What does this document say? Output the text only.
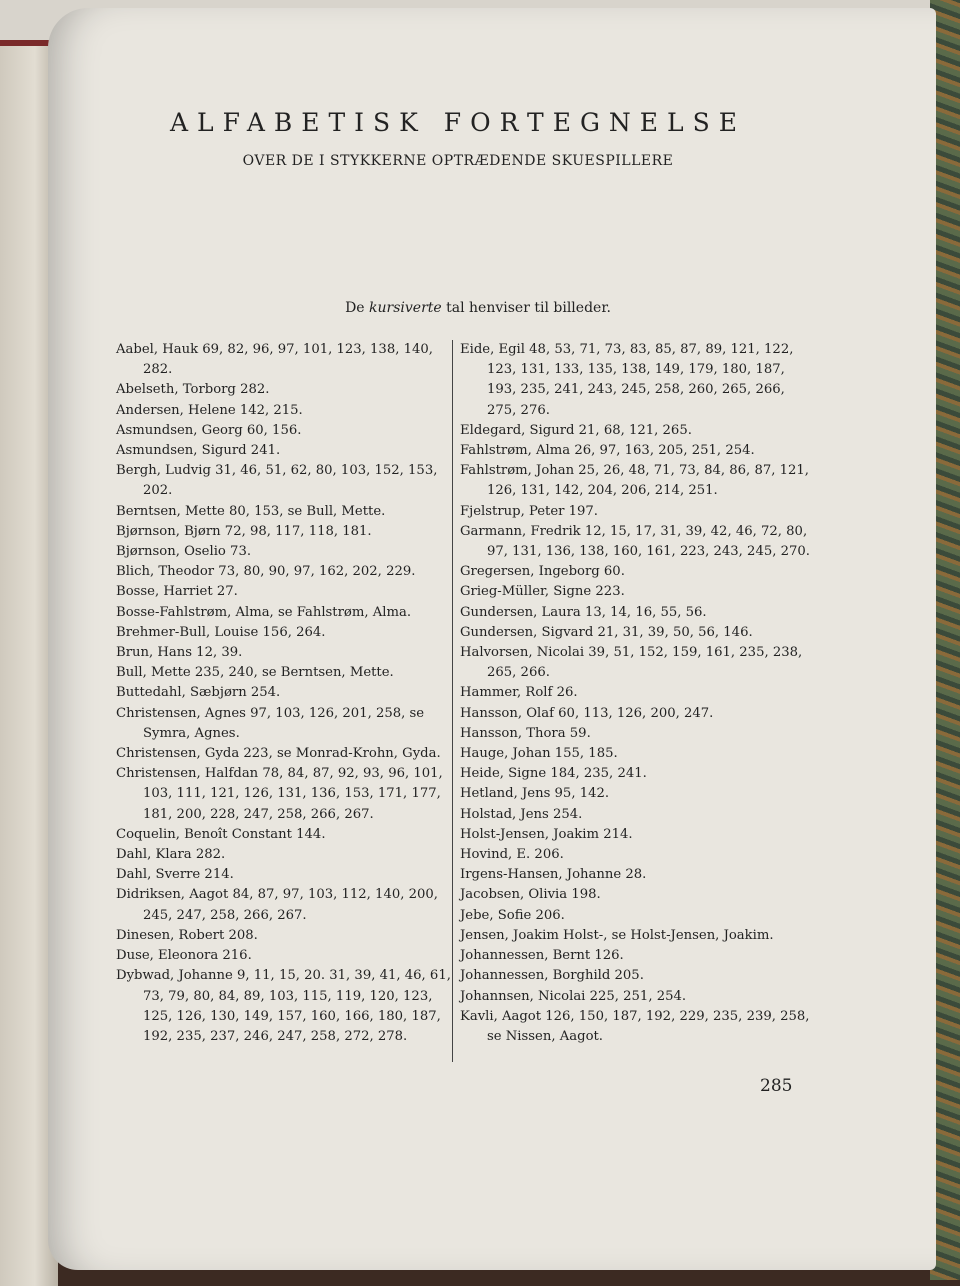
ALFABETISK FORTEGNELSE
OVER DE I STYKKERNE OPTRÆDENDE SKUESPILLERE
De kursiverte tal henviser til billeder.

Aabel, Hauk 69, 82, 96, 97, 101, 123, 138, 140, 282.

Abelseth, Torborg 282.

Andersen, Helene 142, 215.

Asmundsen, Georg 60, 156.

Asmundsen, Sigurd 241.

Bergh, Ludvig 31, 46, 51, 62, 80, 103, 152, 153, 202.

Berntsen, Mette 80, 153, se Bull, Mette.

Bjørnson, Bjørn 72, 98, 117, 118, 181.

Bjørnson, Oselio 73.

Blich, Theodor 73, 80, 90, 97, 162, 202, 229.

Bosse, Harriet 27.

Bosse-Fahlstrøm, Alma, se Fahlstrøm, Alma.

Brehmer-Bull, Louise 156, 264.

Brun, Hans 12, 39.

Bull, Mette 235, 240, se Berntsen, Mette.

Buttedahl, Sæbjørn 254.

Christensen, Agnes 97, 103, 126, 201, 258, se Symra, Agnes.

Christensen, Gyda 223, se Monrad-Krohn, Gyda.

Christensen, Halfdan 78, 84, 87, 92, 93, 96, 101, 103, 111, 121, 126, 131, 136, 153, 171, 177, 181, 200, 228, 247, 258, 266, 267.

Coquelin, Benoît Constant 144.

Dahl, Klara 282.

Dahl, Sverre 214.

Didriksen, Aagot 84, 87, 97, 103, 112, 140, 200, 245, 247, 258, 266, 267.

Dinesen, Robert 208.

Duse, Eleonora 216.

Dybwad, Johanne 9, 11, 15, 20. 31, 39, 41, 46, 61, 73, 79, 80, 84, 89, 103, 115, 119, 120, 123, 125, 126, 130, 149, 157, 160, 166, 180, 187, 192, 235, 237, 246, 247, 258, 272, 278.

Eide, Egil 48, 53, 71, 73, 83, 85, 87, 89, 121, 122, 123, 131, 133, 135, 138, 149, 179, 180, 187, 193, 235, 241, 243, 245, 258, 260, 265, 266, 275, 276.

Eldegard, Sigurd 21, 68, 121, 265.

Fahlstrøm, Alma 26, 97, 163, 205, 251, 254.

Fahlstrøm, Johan 25, 26, 48, 71, 73, 84, 86, 87, 121, 126, 131, 142, 204, 206, 214, 251.

Fjelstrup, Peter 197.

Garmann, Fredrik 12, 15, 17, 31, 39, 42, 46, 72, 80, 97, 131, 136, 138, 160, 161, 223, 243, 245, 270.

Gregersen, Ingeborg 60.

Grieg-Müller, Signe 223.

Gundersen, Laura 13, 14, 16, 55, 56.

Gundersen, Sigvard 21, 31, 39, 50, 56, 146.

Halvorsen, Nicolai 39, 51, 152, 159, 161, 235, 238, 265, 266.

Hammer, Rolf 26.

Hansson, Olaf 60, 113, 126, 200, 247.

Hansson, Thora 59.

Hauge, Johan 155, 185.

Heide, Signe 184, 235, 241.

Hetland, Jens 95, 142.

Holstad, Jens 254.

Holst-Jensen, Joakim 214.

Hovind, E. 206.

Irgens-Hansen, Johanne 28.

Jacobsen, Olivia 198.

Jebe, Sofie 206.

Jensen, Joakim Holst-, se Holst-Jensen, Joakim.

Johannessen, Bernt 126.

Johannessen, Borghild 205.

Johannsen, Nicolai 225, 251, 254.

Kavli, Aagot 126, 150, 187, 192, 229, 235, 239, 258, se Nissen, Aagot.

285
